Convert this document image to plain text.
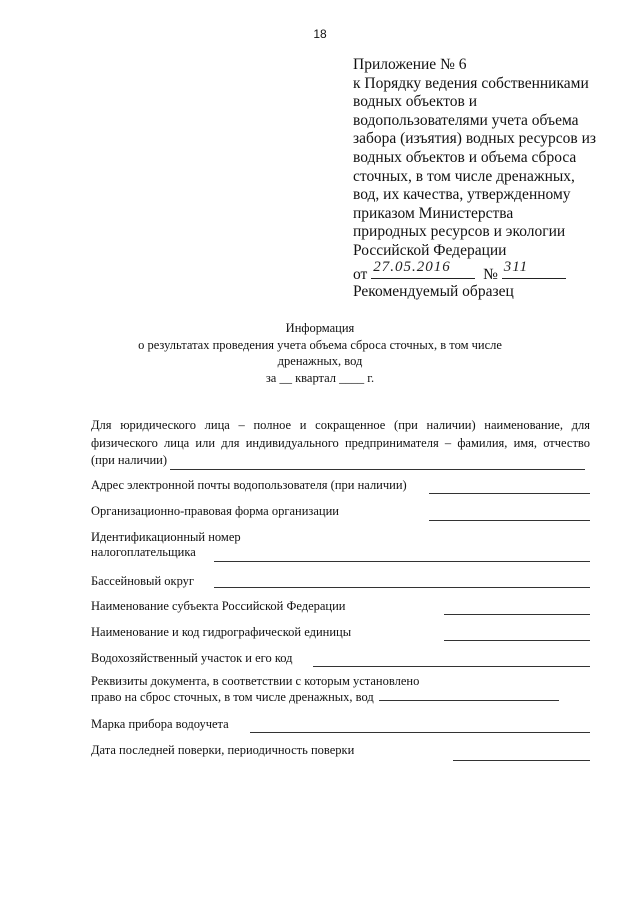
18
Приложение № 6
к Порядку ведения собственниками
водных объектов и
водопользователями учета объема
забора (изъятия) водных ресурсов из
водных объектов и объема сброса
сточных, в том числе дренажных,
вод, их качества, утвержденному
приказом Министерства
природных ресурсов и экологии
Российской Федерации
от 27.05.2016 № 311
Рекомендуемый образец
Информация
о результатах проведения учета объема сброса сточных, в том числе
дренажных, вод
за __ квартал ____ г.
Для юридического лица – полное и сокращенное (при наличии) наименование, для
физического лица или для индивидуального предпринимателя – фамилия, имя, отчество
(при наличии)
Адрес электронной почты водопользователя (при наличии)
Организационно-правовая форма организации
Идентификационный номер
налогоплательщика
Бассейновый округ
Наименование субъекта Российской Федерации
Наименование и код гидрографической единицы
Водохозяйственный участок и его код
Реквизиты документа, в соответствии с которым установлено
право на сброс сточных, в том числе дренажных, вод
Марка прибора водоучета
Дата последней поверки, периодичность поверки
